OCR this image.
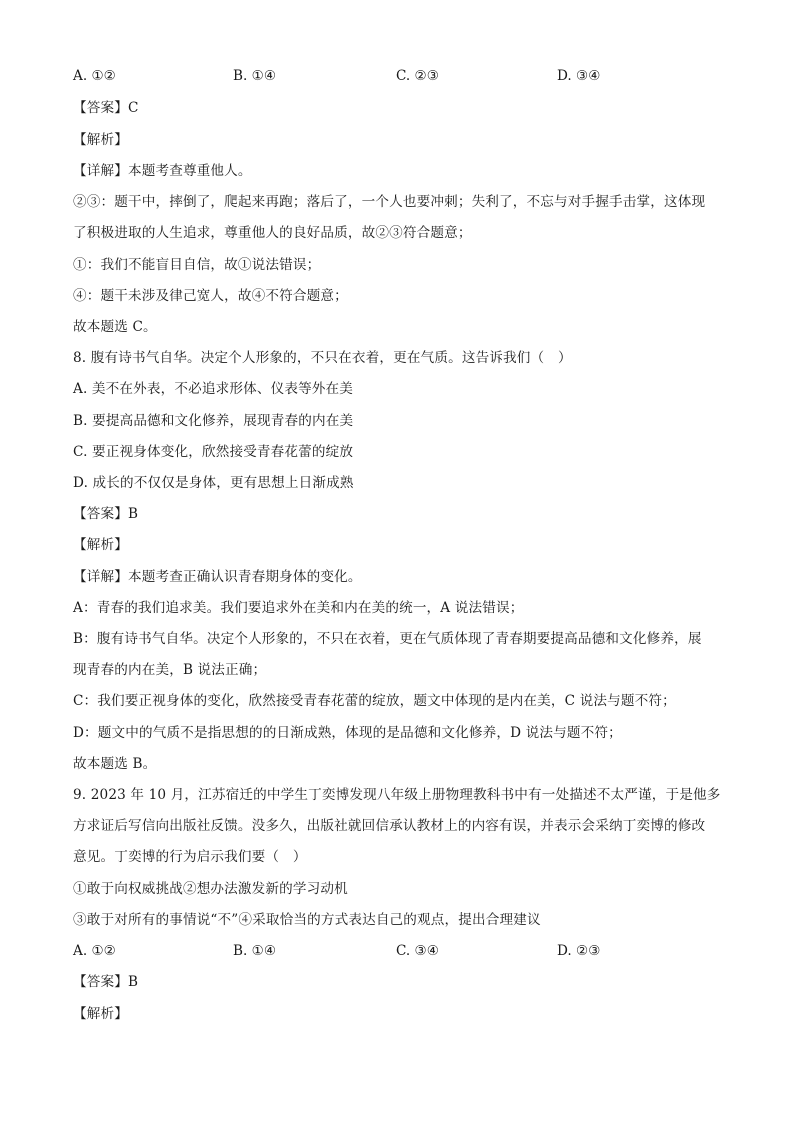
A. ①②	B. ①④	C. ②③	D. ③④
【答案】C
【解析】
【详解】本题考查尊重他人。
②③：题干中，摔倒了，爬起来再跑；落后了，一个人也要冲刺；失利了，不忘与对手握手击掌，这体现
了积极进取的人生追求，尊重他人的良好品质，故②③符合题意；
①：我们不能盲目自信，故①说法错误；
④：题干未涉及律己宽人，故④不符合题意；
故本题选 C。
8. 腹有诗书气自华。决定个人形象的，不只在衣着，更在气质。这告诉我们（　）
A. 美不在外表，不必追求形体、仪表等外在美
B. 要提高品德和文化修养，展现青春的内在美
C. 要正视身体变化，欣然接受青春花蕾的绽放
D. 成长的不仅仅是身体，更有思想上日渐成熟
【答案】B
【解析】
【详解】本题考查正确认识青春期身体的变化。
A：青春的我们追求美。我们要追求外在美和内在美的统一，A 说法错误；
B：腹有诗书气自华。决定个人形象的，不只在衣着，更在气质体现了青春期要提高品德和文化修养，展
现青春的内在美，B 说法正确；
C：我们要正视身体的变化，欣然接受青春花蕾的绽放，题文中体现的是内在美，C 说法与题不符；
D：题文中的气质不是指思想的的日渐成熟，体现的是品德和文化修养，D 说法与题不符；
故本题选 B。
9. 2023 年 10 月，江苏宿迁的中学生丁奕博发现八年级上册物理教科书中有一处描述不太严谨，于是他多
方求证后写信向出版社反馈。没多久，出版社就回信承认教材上的内容有误，并表示会采纳丁奕博的修改
意见。丁奕博的行为启示我们要（　）
①敢于向权威挑战②想办法激发新的学习动机
③敢于对所有的事情说“不”④采取恰当的方式表达自己的观点，提出合理建议
A. ①②	B. ①④	C. ③④	D. ②③
【答案】B
【解析】
